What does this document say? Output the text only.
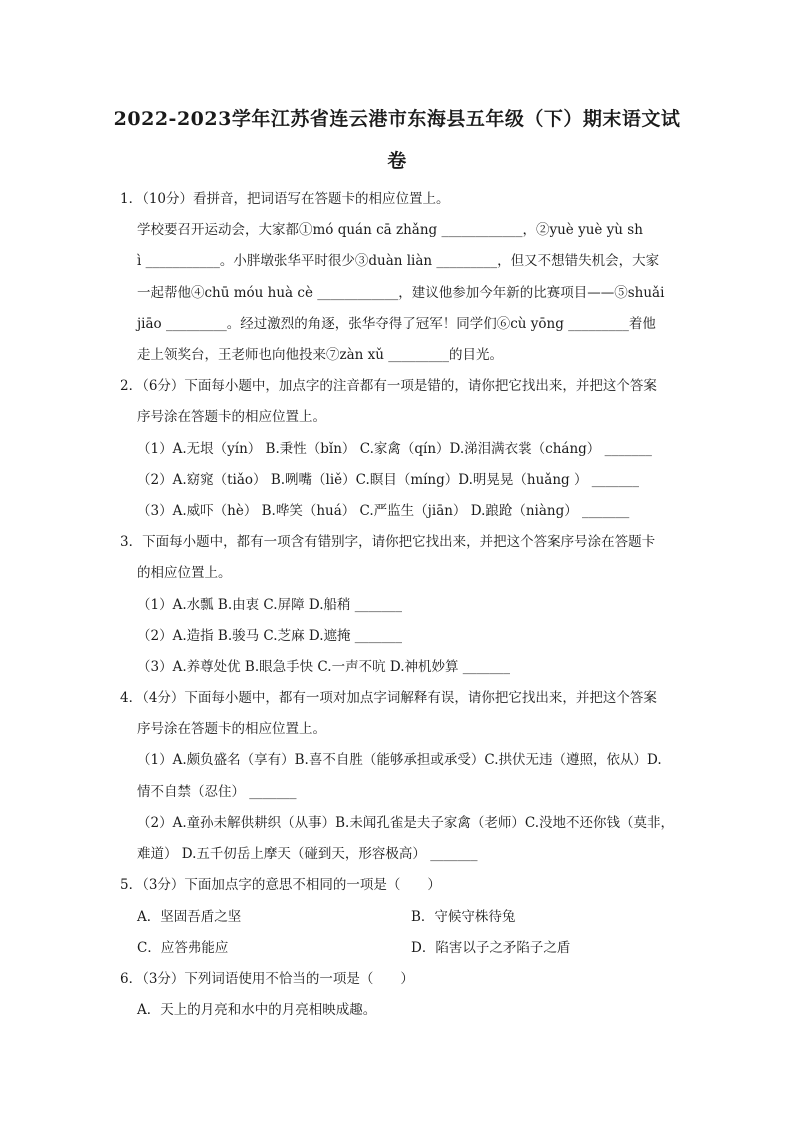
2022-2023学年江苏省连云港市东海县五年级（下）期末语文试
卷
1．（10分）看拼音，把词语写在答题卡的相应位置上。
学校要召开运动会，大家都①mó quán cā zhǎng ____________，②yuè yuè yù sh
ì ___________。小胖墩张华平时很少③duàn liàn _________，但又不想错失机会，大家
一起帮他④chū móu huà cè ____________，建议他参加今年新的比赛项目——⑤shuǎi
jiāo _________。经过激烈的角逐，张华夺得了冠军！同学们⑥cù yōng _________着他
走上领奖台，王老师也向他投来⑦zàn xǔ _________的目光。
2．（6分）下面每小题中，加点字的注音都有一项是错的，请你把它找出来，并把这个答案
序号涂在答题卡的相应位置上。
（1）A.无垠（yín） B.秉性（bǐn） C.家禽（qín）D.涕泪满衣裳（cháng） _______
（2）A.窈窕（tiǎo） B.咧嘴（liě）C.瞑目（míng）D.明晃晃（huǎng ） _______
（3）A.威吓（hè） B.哗笑（huá） C.严监生（jiān） D.踉跄（niàng） _______
3．下面每小题中，都有一项含有错别字，请你把它找出来，并把这个答案序号涂在答题卡
的相应位置上。
（1）A.水瓢 B.由衷 C.屏障 D.船稍 _______
（2）A.造指 B.骏马 C.芝麻 D.遮掩 _______
（3）A.养尊处优 B.眼急手快 C.一声不吭 D.神机妙算 _______
4．（4分）下面每小题中，都有一项对加点字词解释有误，请你把它找出来，并把这个答案
序号涂在答题卡的相应位置上。
（1）A.颇负盛名（享有）B.喜不自胜（能够承担或承受）C.拱伏无违（遵照，依从）D.
情不自禁（忍住） _______
（2）A.童孙未解供耕织（从事）B.未闻孔雀是夫子家禽（老师）C.没地不还你钱（莫非，
难道） D.五千仞岳上摩天（碰到天，形容极高） _______
5．（3分）下面加点字的意思不相同的一项是（　　）
A．坚固吾盾之坚	B．守候守株待兔
C．应答弗能应	D．陷害以子之矛陷子之盾
6．（3分）下列词语使用不恰当的一项是（　　）
A．天上的月亮和水中的月亮相映成趣。
